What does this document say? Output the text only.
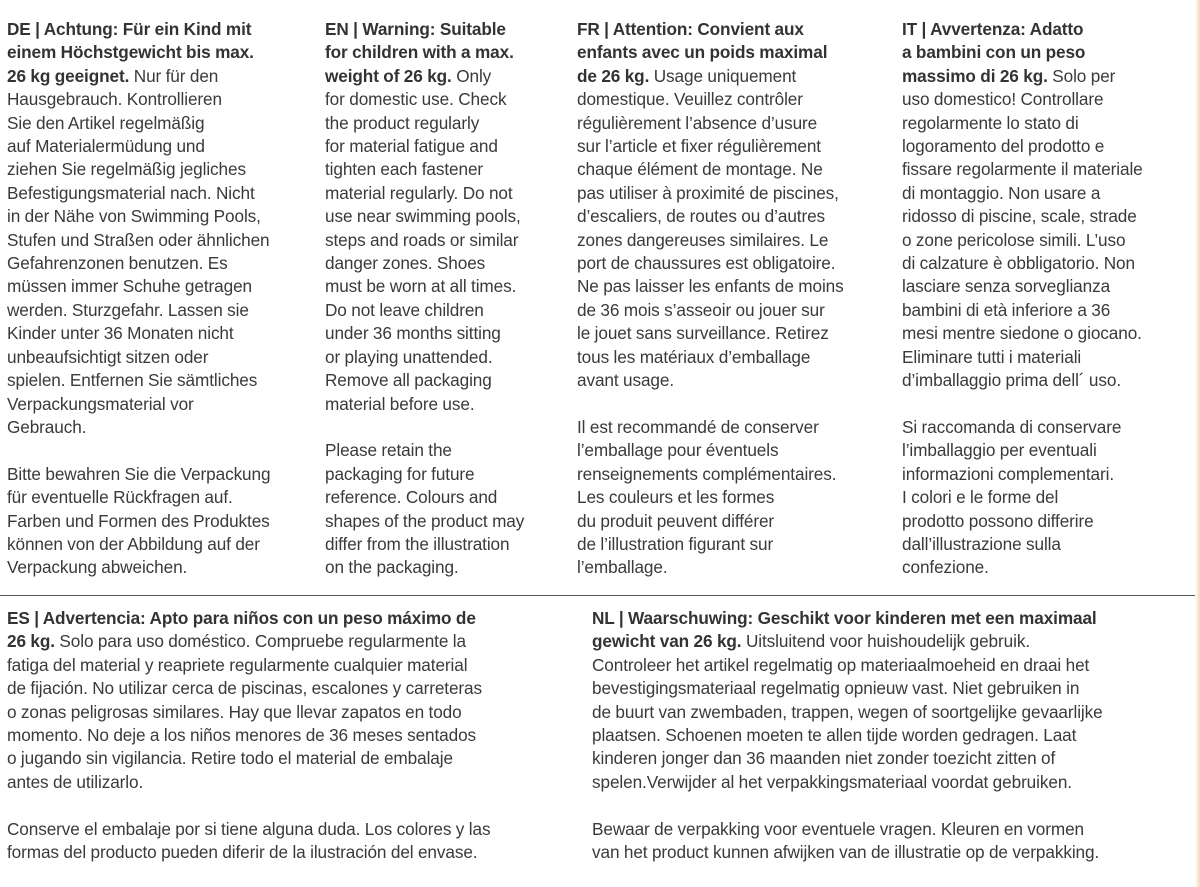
DE | Achtung: Für ein Kind mit
einem Höchstgewicht bis max.
26 kg geeignet. Nur für den
Hausgebrauch. Kontrollieren
Sie den Artikel regelmäßig
auf Materialermüdung und
ziehen Sie regelmäßig jegliches
Befestigungsmaterial nach. Nicht
in der Nähe von Swimming Pools,
Stufen und Straßen oder ähnlichen
Gefahrenzonen benutzen. Es
müssen immer Schuhe getragen
werden. Sturzgefahr. Lassen sie
Kinder unter 36 Monaten nicht
unbeaufsichtigt sitzen oder
spielen. Entfernen Sie sämtliches
Verpackungsmaterial vor
Gebrauch.
Bitte bewahren Sie die Verpackung
für eventuelle Rückfragen auf.
Farben und Formen des Produktes
können von der Abbildung auf der
Verpackung abweichen.
EN | Warning: Suitable
for children with a max.
weight of 26 kg. Only
for domestic use. Check
the product regularly
for material fatigue and
tighten each fastener
material regularly. Do not
use near swimming pools,
steps and roads or similar
danger zones. Shoes
must be worn at all times.
Do not leave children
under 36 months sitting
or playing unattended.
Remove all packaging
material before use.
Please retain the
packaging for future
reference. Colours and
shapes of the product may
differ from the illustration
on the packaging.
FR | Attention: Convient aux
enfants avec un poids maximal
de 26 kg. Usage uniquement
domestique. Veuillez contrôler
régulièrement l’absence d’usure
sur l’article et fixer régulièrement
chaque élément de montage. Ne
pas utiliser à proximité de piscines,
d’escaliers, de routes ou d’autres
zones dangereuses similaires. Le
port de chaussures est obligatoire.
Ne pas laisser les enfants de moins
de 36 mois s’asseoir ou jouer sur
le jouet sans surveillance. Retirez
tous les matériaux d’emballage
avant usage.
Il est recommandé de conserver
l’emballage pour éventuels
renseignements complémentaires.
Les couleurs et les formes
du produit peuvent différer
de l’illustration figurant sur
l’emballage.
IT | Avvertenza: Adatto
a bambini con un peso
massimo di 26 kg. Solo per
uso domestico! Controllare
regolarmente lo stato di
logoramento del prodotto e
fissare regolarmente il materiale
di montaggio. Non usare a
ridosso di piscine, scale, strade
o zone pericolose simili. L’uso
di calzature è obbligatorio. Non
lasciare senza sorveglianza
bambini di età inferiore a 36
mesi mentre siedone o giocano.
Eliminare tutti i materiali
d’imballaggio prima dell´ uso.
Si raccomanda di conservare
l’imballaggio per eventuali
informazioni complementari.
I colori e le forme del
prodotto possono differire
dall’illustrazione sulla
confezione.
ES | Advertencia: Apto para niños con un peso máximo de
26 kg. Solo para uso doméstico. Compruebe regularmente la
fatiga del material y reapriete regularmente cualquier material
de fijación. No utilizar cerca de piscinas, escalones y carreteras
o zonas peligrosas similares. Hay que llevar zapatos en todo
momento. No deje a los niños menores de 36 meses sentados
o jugando sin vigilancia. Retire todo el material de embalaje
antes de utilizarlo.
Conserve el embalaje por si tiene alguna duda. Los colores y las
formas del producto pueden diferir de la ilustración del envase.
NL | Waarschuwing: Geschikt voor kinderen met een maximaal
gewicht van 26 kg. Uitsluitend voor huishoudelijk gebruik.
Controleer het artikel regelmatig op materiaalmoeheid en draai het
bevestigingsmateriaal regelmatig opnieuw vast. Niet gebruiken in
de buurt van zwembaden, trappen, wegen of soortgelijke gevaarlijke
plaatsen. Schoenen moeten te allen tijde worden gedragen. Laat
kinderen jonger dan 36 maanden niet zonder toezicht zitten of
spelen.Verwijder al het verpakkingsmateriaal voordat gebruiken.
Bewaar de verpakking voor eventuele vragen. Kleuren en vormen
van het product kunnen afwijken van de illustratie op de verpakking.
